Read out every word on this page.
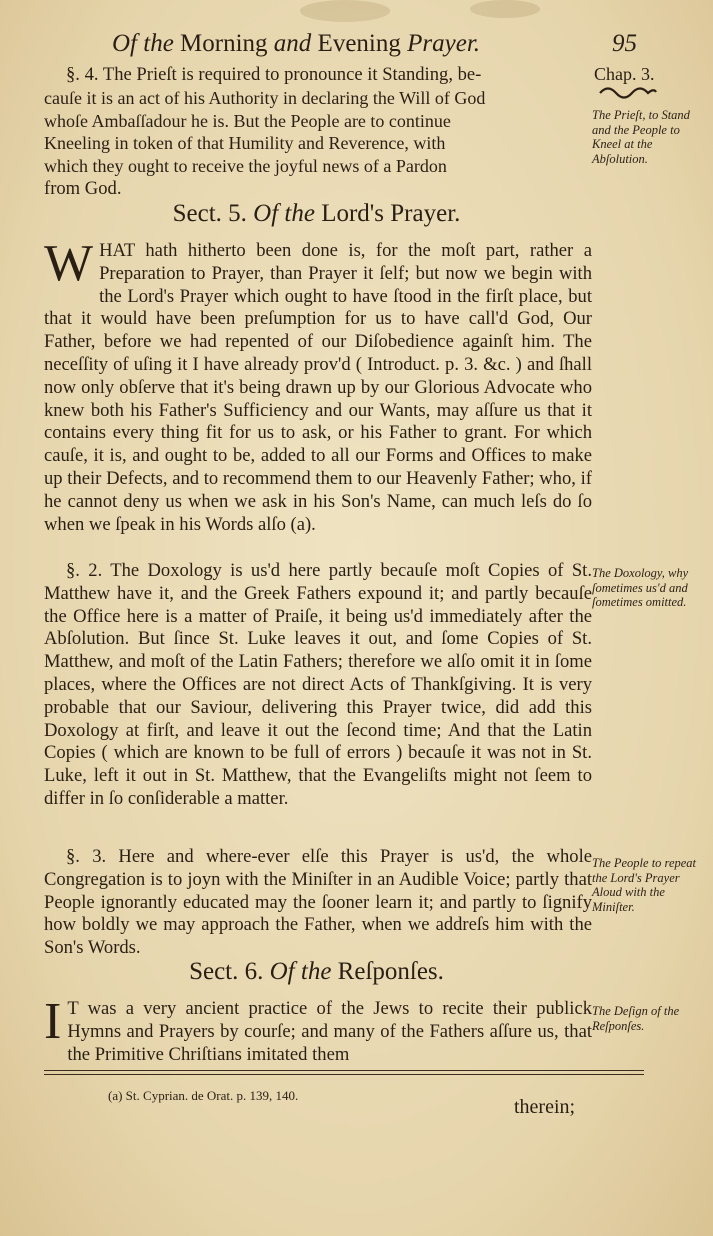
Of the Morning and Evening Prayer.	95
Chap. 3.

§. 4. The Prieſt is required to pronounce it Standing, be-

cauſe it is an act of his Authority in declaring the Will of God

whoſe Ambaſſadour he is. But the People are to continue

Kneeling in token of that Humility and Reverence, with

which they ought to receive the joyful news of a Pardon

from God.

The Prieſt, to Stand and the People to Kneel at the Abſolution.
Sect. 5. Of the Lord's Prayer.
WHAT hath hitherto been done is, for the moſt part, rather a Preparation to Prayer, than Prayer it ſelf; but now we begin with the Lord's Prayer which ought to have ſtood in the firſt place, but that it would have been preſumption for us to have call'd God, Our Father, before we had repented of our Diſobedience againſt him. The neceſſity of uſing it I have already prov'd ( Introduct. p. 3. &c. ) and ſhall now only obſerve that it's being drawn up by our Glorious Advocate who knew both his Father's Sufficiency and our Wants, may aſſure us that it contains every thing fit for us to ask, or his Father to grant. For which cauſe, it is, and ought to be, added to all our Forms and Offices to make up their Defects, and to recommend them to our Heavenly Father; who, if he cannot deny us when we ask in his Son's Name, can much leſs do ſo when we ſpeak in his Words alſo (a).

§. 2. The Doxology is us'd here partly becauſe moſt Copies of St. Matthew have it, and the Greek Fathers expound it; and partly becauſe the Office here is a matter of Praiſe, it being us'd immediately after the Abſolution. But ſince St. Luke leaves it out, and ſome Copies of St. Matthew, and moſt of the Latin Fathers; therefore we alſo omit it in ſome places, where the Offices are not direct Acts of Thankſgiving. It is very probable that our Saviour, delivering this Prayer twice, did add this Doxology at firſt, and leave it out the ſecond time; And that the Latin Copies ( which are known to be full of errors ) becauſe it was not in St. Luke, left it out in St. Matthew, that the Evangeliſts might not ſeem to differ in ſo conſiderable a matter.

The Doxology, why ſometimes us'd and ſometimes omitted.

§. 3. Here and where-ever elſe this Prayer is us'd, the whole Congregation is to joyn with the Miniſter in an Audible Voice; partly that People ignorantly educated may the ſooner learn it; and partly to ſignify how boldly we may approach the Father, when we addreſs him with the Son's Words.

The People to repeat the Lord's Prayer Aloud with the Miniſter.
Sect. 6. Of the Reſponſes.
I T was a very ancient practice of the Jews to recite their publick Hymns and Prayers by courſe; and many of the Fathers aſſure us, that the Primitive Chriſtians imitated them
The Deſign of the Reſponſes.
(a) St. Cyprian. de Orat. p. 139, 140.
therein;
